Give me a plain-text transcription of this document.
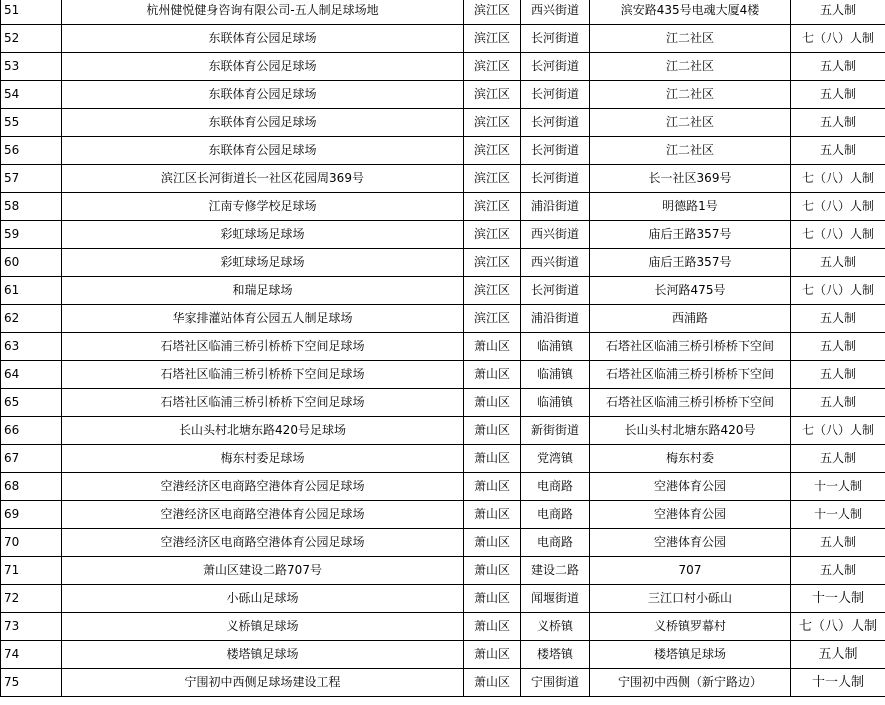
51	杭州健悦健身咨询有限公司-五人制足球场地	滨江区	西兴街道	滨安路435号电魂大厦4楼	五人制
52	东联体育公园足球场	滨江区	长河街道	江二社区	七（八）人制
53	东联体育公园足球场	滨江区	长河街道	江二社区	五人制
54	东联体育公园足球场	滨江区	长河街道	江二社区	五人制
55	东联体育公园足球场	滨江区	长河街道	江二社区	五人制
56	东联体育公园足球场	滨江区	长河街道	江二社区	五人制
57	滨江区长河街道长一社区花园周369号	滨江区	长河街道	长一社区369号	七（八）人制
58	江南专修学校足球场	滨江区	浦沿街道	明德路1号	七（八）人制
59	彩虹球场足球场	滨江区	西兴街道	庙后王路357号	七（八）人制
60	彩虹球场足球场	滨江区	西兴街道	庙后王路357号	五人制
61	和瑞足球场	滨江区	长河街道	长河路475号	七（八）人制
62	华家排灌站体育公园五人制足球场	滨江区	浦沿街道	西浦路	五人制
63	石塔社区临浦三桥引桥桥下空间足球场	萧山区	临浦镇	石塔社区临浦三桥引桥桥下空间	五人制
64	石塔社区临浦三桥引桥桥下空间足球场	萧山区	临浦镇	石塔社区临浦三桥引桥桥下空间	五人制
65	石塔社区临浦三桥引桥桥下空间足球场	萧山区	临浦镇	石塔社区临浦三桥引桥桥下空间	五人制
66	长山头村北塘东路420号足球场	萧山区	新街街道	长山头村北塘东路420号	七（八）人制
67	梅东村委足球场	萧山区	党湾镇	梅东村委	五人制
68	空港经济区电商路空港体育公园足球场	萧山区	电商路	空港体育公园	十一人制
69	空港经济区电商路空港体育公园足球场	萧山区	电商路	空港体育公园	十一人制
70	空港经济区电商路空港体育公园足球场	萧山区	电商路	空港体育公园	五人制
71	萧山区建设二路707号	萧山区	建设二路	707	五人制
72	小砾山足球场	萧山区	闻堰街道	三江口村小砾山	十一人制
73	义桥镇足球场	萧山区	义桥镇	义桥镇罗幕村	七（八）人制
74	楼塔镇足球场	萧山区	楼塔镇	楼塔镇足球场	五人制
75	宁围初中西侧足球场建设工程	萧山区	宁围街道	宁围初中西侧（新宁路边）	十一人制
